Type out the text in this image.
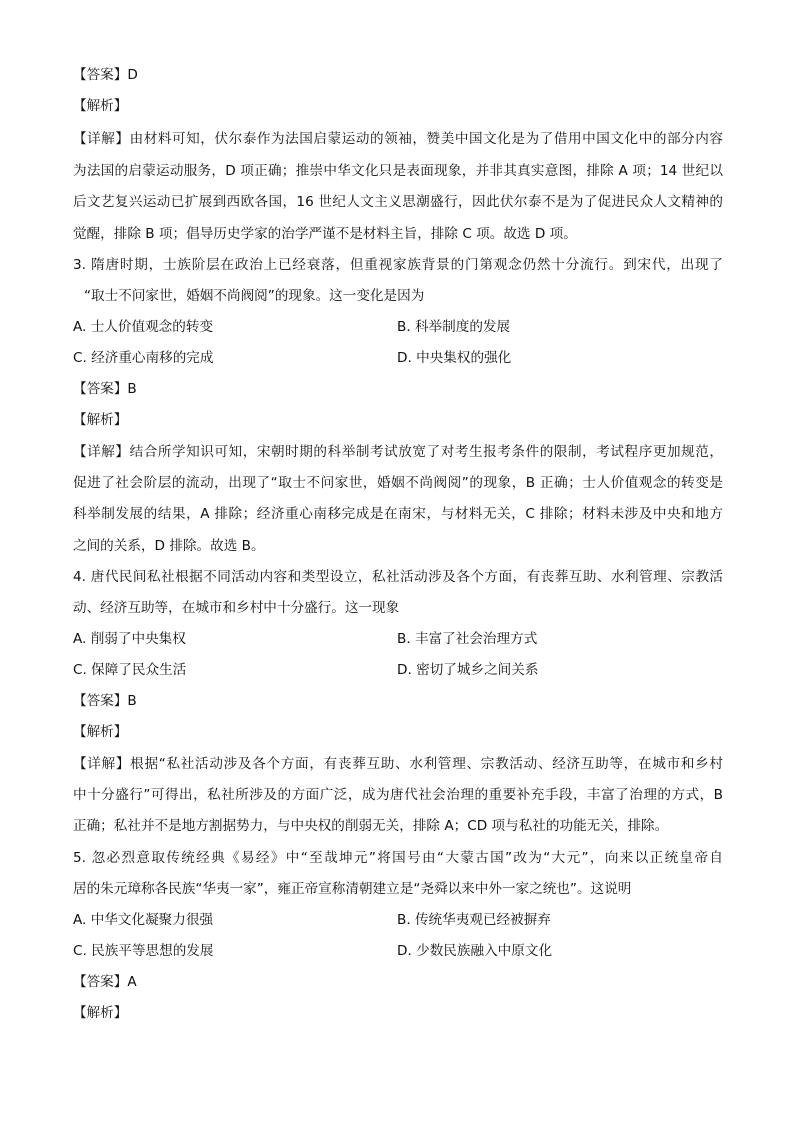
【答案】D
【解析】
【详解】由材料可知，伏尔泰作为法国启蒙运动的领袖，赞美中国文化是为了借用中国文化中的部分内容
为法国的启蒙运动服务，D 项正确；推崇中华文化只是表面现象，并非其真实意图，排除 A 项；14 世纪以
后文艺复兴运动已扩展到西欧各国，16 世纪人文主义思潮盛行，因此伏尔泰不是为了促进民众人文精神的
觉醒，排除 B 项；倡导历史学家的治学严谨不是材料主旨，排除 C 项。故选 D 项。
3. 隋唐时期，士族阶层在政治上已经衰落，但重视家族背景的门第观念仍然十分流行。到宋代，出现了
“取士不问家世，婚姻不尚阀阅”的现象。这一变化是因为
A. 士人价值观念的转变	B. 科举制度的发展
C. 经济重心南移的完成	D. 中央集权的强化
【答案】B
【解析】
【详解】结合所学知识可知，宋朝时期的科举制考试放宽了对考生报考条件的限制，考试程序更加规范，
促进了社会阶层的流动，出现了“取士不问家世，婚姻不尚阀阅”的现象，B 正确；士人价值观念的转变是
科举制发展的结果，A 排除；经济重心南移完成是在南宋，与材料无关，C 排除；材料未涉及中央和地方
之间的关系，D 排除。故选 B。
4. 唐代民间私社根据不同活动内容和类型设立，私社活动涉及各个方面，有丧葬互助、水利管理、宗教活
动、经济互助等，在城市和乡村中十分盛行。这一现象
A. 削弱了中央集权	B. 丰富了社会治理方式
C. 保障了民众生活	D. 密切了城乡之间关系
【答案】B
【解析】
【详解】根据“私社活动涉及各个方面，有丧葬互助、水利管理、宗教活动、经济互助等，在城市和乡村
中十分盛行”可得出，私社所涉及的方面广泛，成为唐代社会治理的重要补充手段，丰富了治理的方式，B
正确；私社并不是地方割据势力，与中央权的削弱无关，排除 A；CD 项与私社的功能无关，排除。
5. 忽必烈意取传统经典《易经》中“至哉坤元”将国号由“大蒙古国”改为“大元”，向来以正统皇帝自
居的朱元璋称各民族“华夷一家”，雍正帝宣称清朝建立是“尧舜以来中外一家之统也”。这说明
A. 中华文化凝聚力很强	B. 传统华夷观已经被摒弃
C. 民族平等思想的发展	D. 少数民族融入中原文化
【答案】A
【解析】
